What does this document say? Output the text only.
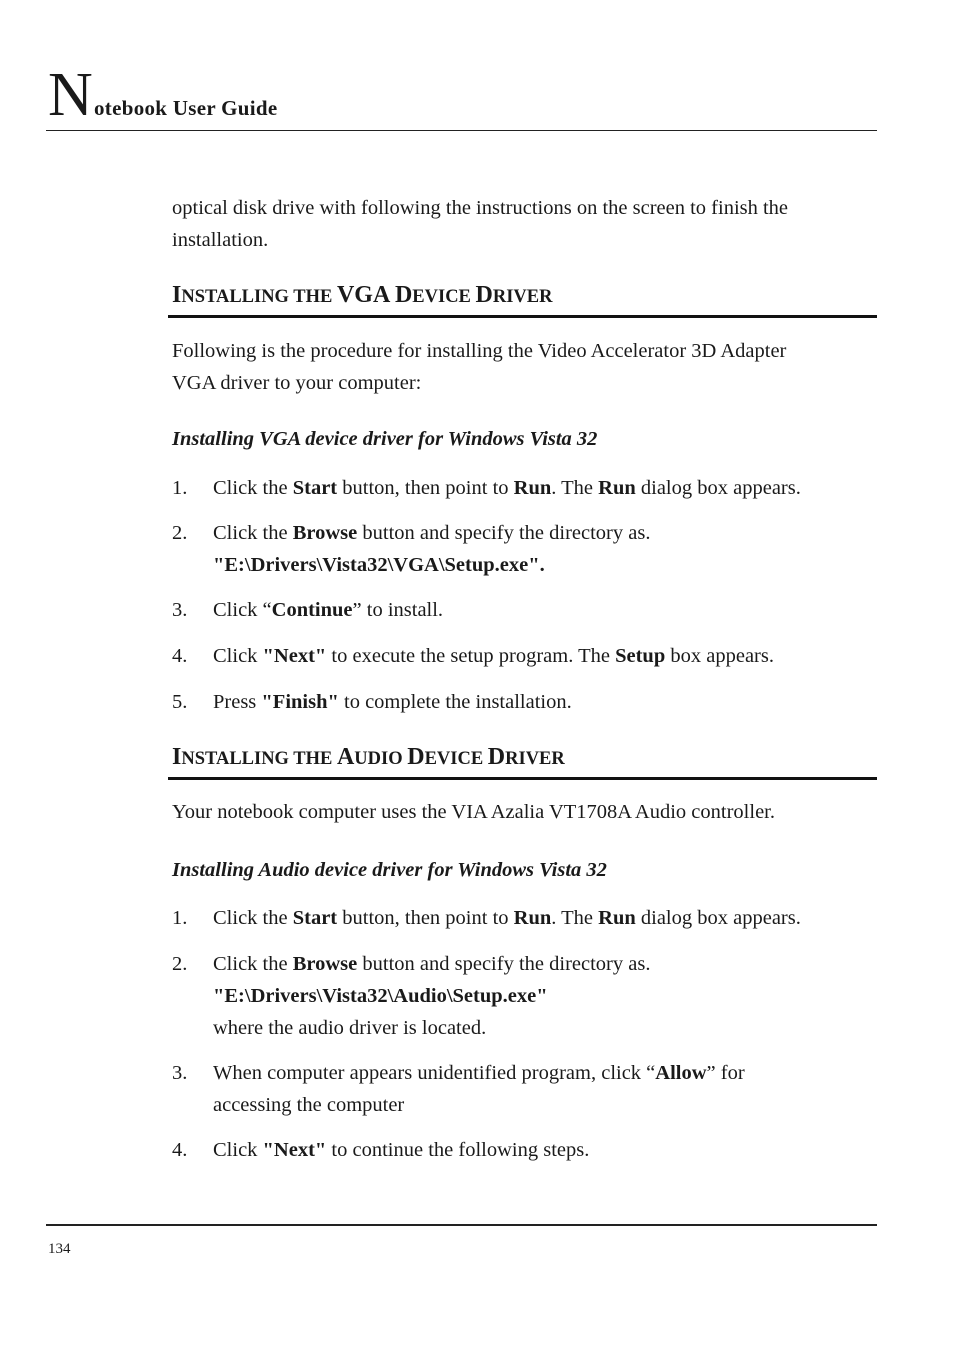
N otebook User Guide
optical disk drive with following the instructions on the screen to finish the
installation.
INSTALLING THE VGA DEVICE DRIVER
Following is the procedure for installing the Video Accelerator 3D Adapter
VGA driver to your computer:
Installing VGA device driver for Windows Vista 32
1. Click the Start button, then point to Run. The Run dialog box appears.
2. Click the Browse button and specify the directory as.
"E:\Drivers\Vista32\VGA\Setup.exe".
3. Click “Continue” to install.
4. Click "Next" to execute the setup program. The Setup box appears.
5. Press "Finish" to complete the installation.
INSTALLING THE AUDIO DEVICE DRIVER
Your notebook computer uses the VIA Azalia VT1708A Audio controller.
Installing Audio device driver for Windows Vista 32
1. Click the Start button, then point to Run. The Run dialog box appears.
2. Click the Browse button and specify the directory as.
"E:\Drivers\Vista32\Audio\Setup.exe"
where the audio driver is located.
3. When computer appears unidentified program, click “Allow” for
accessing the computer
4. Click "Next" to continue the following steps.
134
